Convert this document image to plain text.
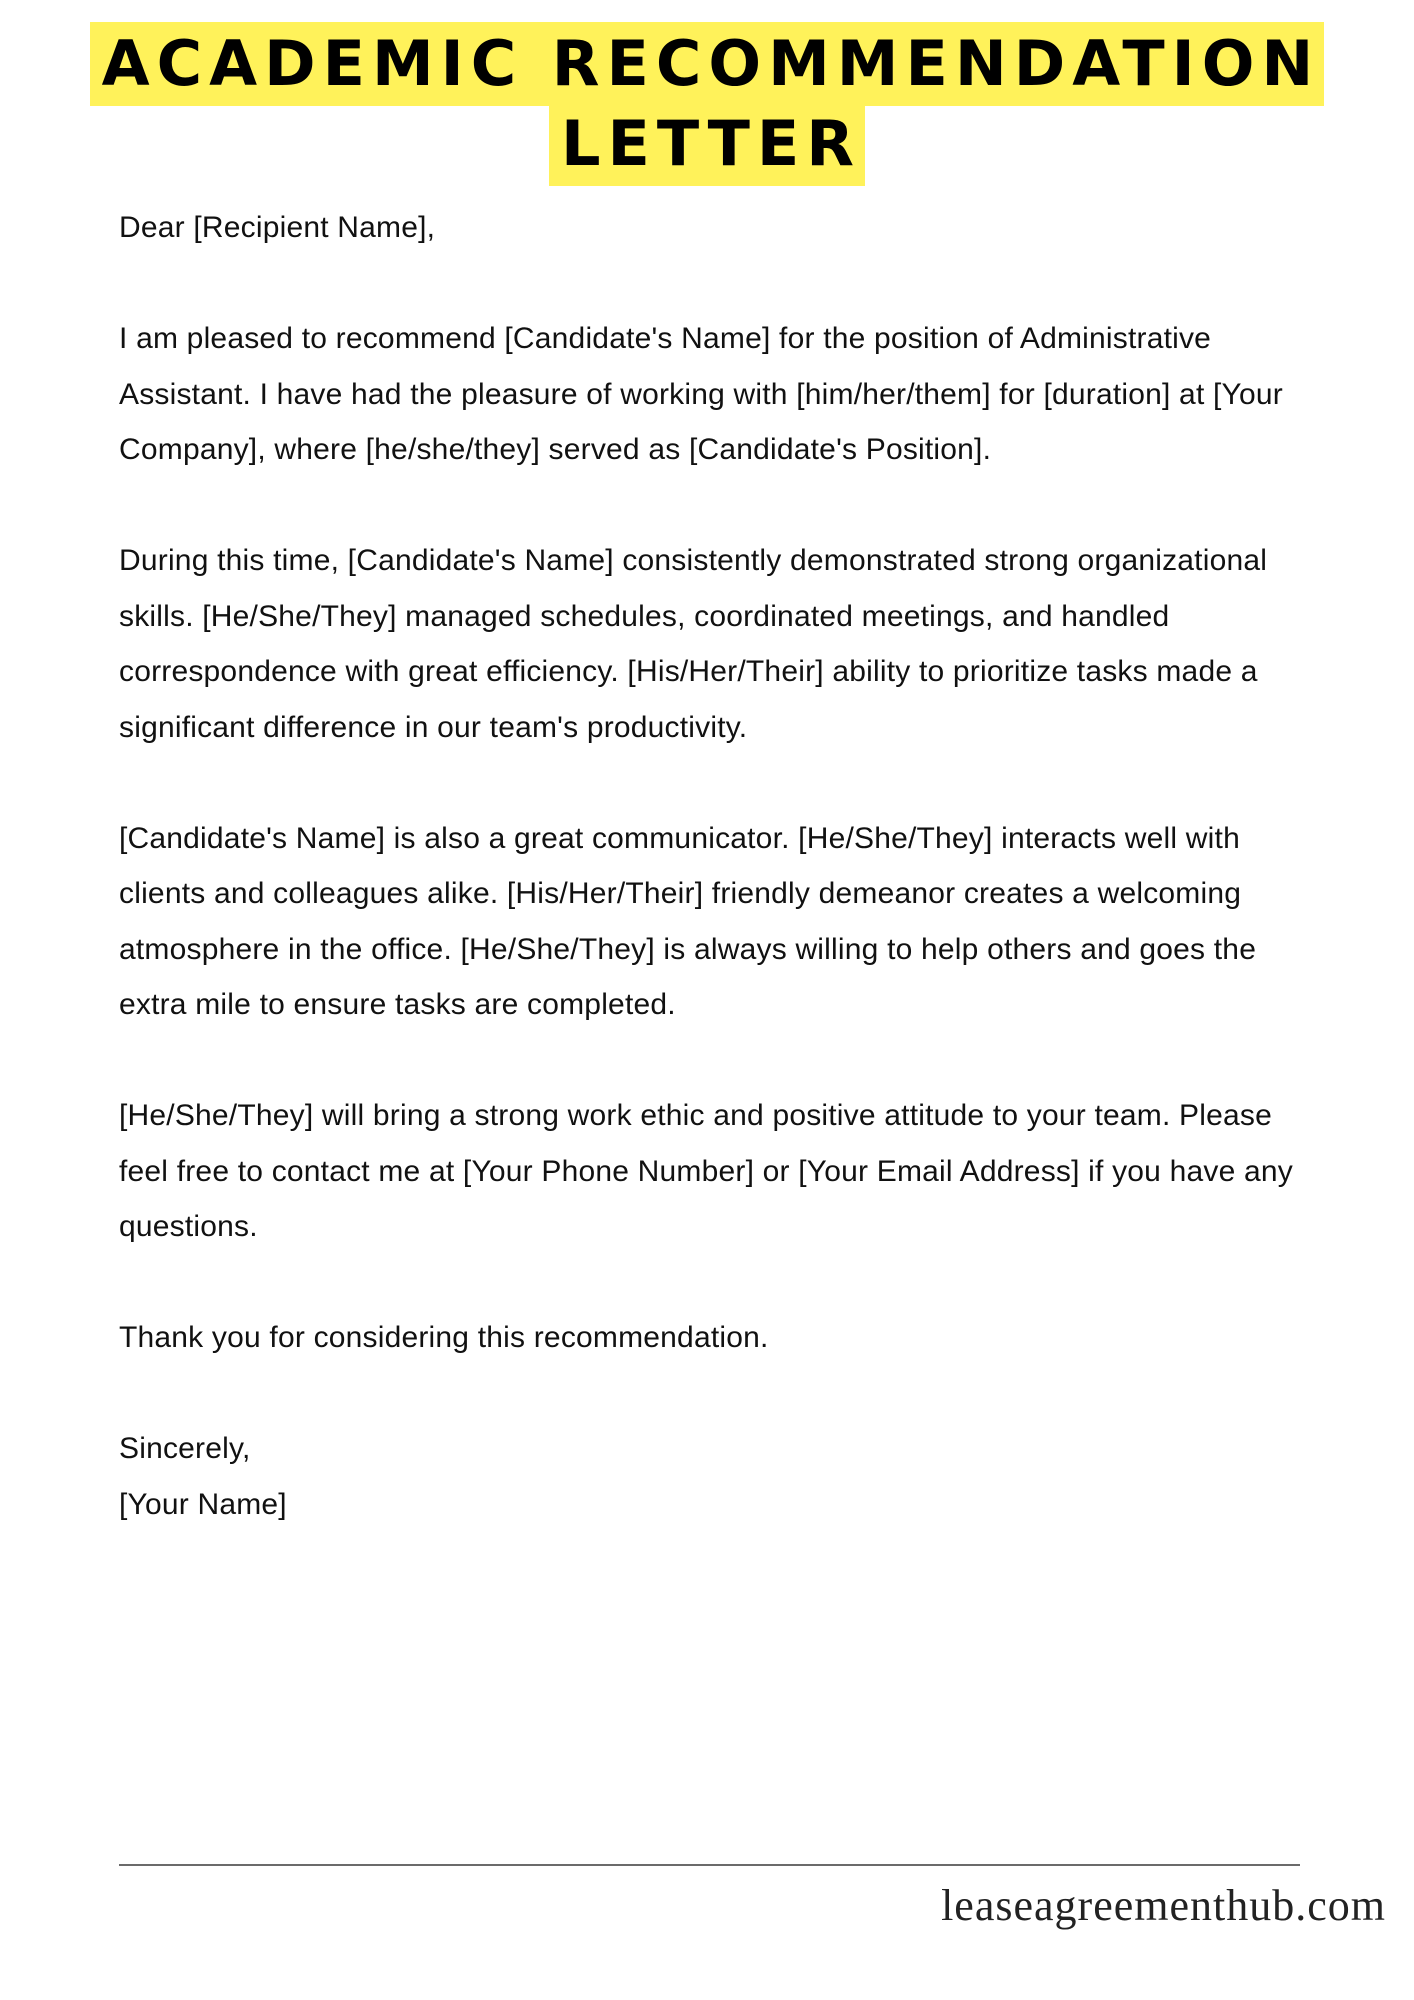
ACADEMIC RECOMMENDATION
LETTER

Dear [Recipient Name],

I am pleased to recommend [Candidate's Name] for the position of Administrative Assistant. I have had the pleasure of working with [him/her/them] for [duration] at [Your Company], where [he/she/they] served as [Candidate's Position].

During this time, [Candidate's Name] consistently demonstrated strong organizational skills. [He/She/They] managed schedules, coordinated meetings, and handled correspondence with great efficiency. [His/Her/Their] ability to prioritize tasks made a significant difference in our team's productivity.

[Candidate's Name] is also a great communicator. [He/She/They] interacts well with clients and colleagues alike. [His/Her/Their] friendly demeanor creates a welcoming atmosphere in the office. [He/She/They] is always willing to help others and goes the extra mile to ensure tasks are completed.

[He/She/They] will bring a strong work ethic and positive attitude to your team. Please feel free to contact me at [Your Phone Number] or [Your Email Address] if you have any questions.

Thank you for considering this recommendation.

Sincerely,
[Your Name]

leaseagreementhub.com
